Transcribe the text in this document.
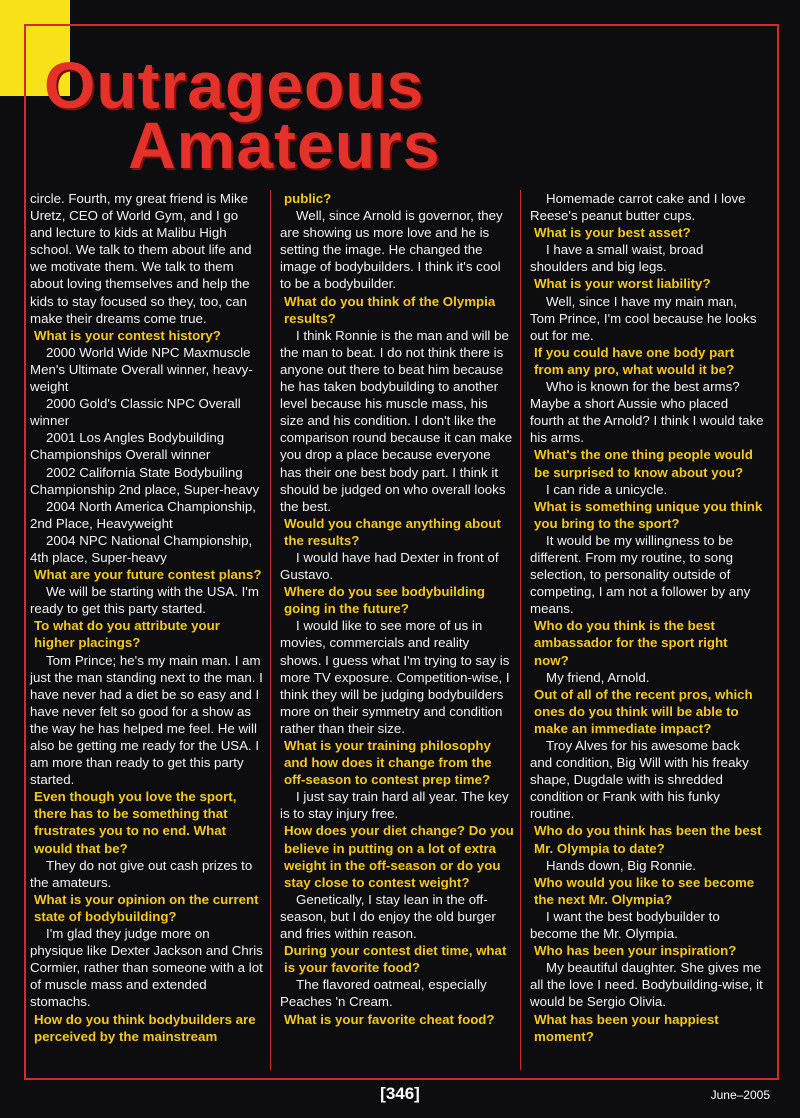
Outrageous
Amateurs

circle. Fourth, my great friend is Mike Uretz, CEO of World Gym, and I go and lecture to kids at Malibu High school. We talk to them about life and we motivate them. We talk to them about loving themselves and help the kids to stay focused so they, too, can make their dreams come true.

What is your contest history?

2000 World Wide NPC Maxmuscle Men's Ultimate Overall winner, heavy-weight

2000 Gold's Classic NPC Overall winner

2001 Los Angles Bodybuilding Championships Overall winner

2002 California State Bodybuiling Championship 2nd place, Super-heavy

2004 North America Championship, 2nd Place, Heavyweight

2004 NPC National Championship, 4th place, Super-heavy

What are your future contest plans?

We will be starting with the USA. I'm ready to get this party started.

To what do you attribute your higher placings?

Tom Prince; he's my main man. I am just the man standing next to the man. I have never had a diet be so easy and I have never felt so good for a show as the way he has helped me feel. He will also be getting me ready for the USA. I am more than ready to get this party started.

Even though you love the sport, there has to be something that frustrates you to no end. What would that be?

They do not give out cash prizes to the amateurs.

What is your opinion on the current state of bodybuilding?

I'm glad they judge more on physique like Dexter Jackson and Chris Cormier, rather than someone with a lot of muscle mass and extended stomachs.

How do you think bodybuilders are perceived by the mainstream

public?

Well, since Arnold is governor, they are showing us more love and he is setting the image. He changed the image of bodybuilders. I think it's cool to be a bodybuilder.

What do you think of the Olympia results?

I think Ronnie is the man and will be the man to beat. I do not think there is anyone out there to beat him because he has taken bodybuilding to another level because his muscle mass, his size and his condition. I don't like the comparison round because it can make you drop a place because everyone has their one best body part. I think it should be judged on who overall looks the best.

Would you change anything about the results?

I would have had Dexter in front of Gustavo.

Where do you see bodybuilding going in the future?

I would like to see more of us in movies, commercials and reality shows. I guess what I'm trying to say is more TV exposure. Competition-wise, I think they will be judging bodybuilders more on their symmetry and condition rather than their size.

What is your training philosophy and how does it change from the off-season to contest prep time?

I just say train hard all year. The key is to stay injury free.

How does your diet change? Do you believe in putting on a lot of extra weight in the off-season or do you stay close to contest weight?

Genetically, I stay lean in the off-season, but I do enjoy the old burger and fries within reason.

During your contest diet time, what is your favorite food?

The flavored oatmeal, especially Peaches 'n Cream.

What is your favorite cheat food?

Homemade carrot cake and I love Reese's peanut butter cups.

What is your best asset?

I have a small waist, broad shoulders and big legs.

What is your worst liability?

Well, since I have my main man, Tom Prince, I'm cool because he looks out for me.

If you could have one body part from any pro, what would it be?

Who is known for the best arms? Maybe a short Aussie who placed fourth at the Arnold? I think I would take his arms.

What's the one thing people would be surprised to know about you?

I can ride a unicycle.

What is something unique you think you bring to the sport?

It would be my willingness to be different. From my routine, to song selection, to personality outside of competing, I am not a follower by any means.

Who do you think is the best ambassador for the sport right now?

My friend, Arnold.

Out of all of the recent pros, which ones do you think will be able to make an immediate impact?

Troy Alves for his awesome back and condition, Big Will with his freaky shape, Dugdale with is shredded condition or Frank with his funky routine.

Who do you think has been the best Mr. Olympia to date?

Hands down, Big Ronnie.

Who would you like to see become the next Mr. Olympia?

I want the best bodybuilder to become the Mr. Olympia.

Who has been your inspiration?

My beautiful daughter. She gives me all the love I need. Bodybuilding-wise, it would be Sergio Olivia.

What has been your happiest moment?

[346]	June–2005
